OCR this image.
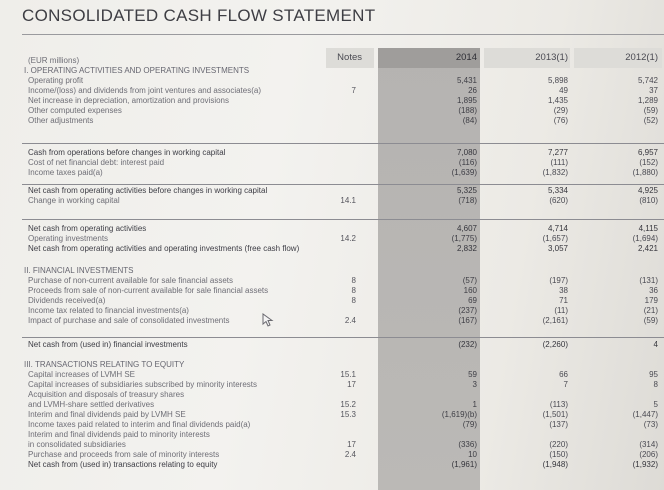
CONSOLIDATED CASH FLOW STATEMENT
Notes	2014	2013(1)	2012(1)
(EUR millions)
I. OPERATING ACTIVITIES AND OPERATING INVESTMENTS
Operating profit	5,431	5,898	5,742
Income/(loss) and dividends from joint ventures and associates(a)	7	26	49	37
Net increase in depreciation, amortization and provisions	1,895	1,435	1,289
Other computed expenses	(188)	(29)	(59)
Other adjustments	(84)	(76)	(52)
Cash from operations before changes in working capital	7,080	7,277	6,957
Cost of net financial debt: interest paid	(116)	(111)	(152)
Income taxes paid(a)	(1,639)	(1,832)	(1,880)
Net cash from operating activities before changes in working capital	5,325	5,334	4,925
Change in working capital	14.1	(718)	(620)	(810)
Net cash from operating activities	4,607	4,714	4,115
Operating investments	14.2	(1,775)	(1,657)	(1,694)
Net cash from operating activities and operating investments (free cash flow)	2,832	3,057	2,421
II. FINANCIAL INVESTMENTS
Purchase of non-current available for sale financial assets	8	(57)	(197)	(131)
Proceeds from sale of non-current available for sale financial assets	8	160	38	36
Dividends received(a)	8	69	71	179
Income tax related to financial investments(a)	(237)	(11)	(21)
Impact of purchase and sale of consolidated investments	2.4	(167)	(2,161)	(59)
Net cash from (used in) financial investments	(232)	(2,260)	4
III. TRANSACTIONS RELATING TO EQUITY
Capital increases of LVMH SE	15.1	59	66	95
Capital increases of subsidiaries subscribed by minority interests	17	3	7	8
Acquisition and disposals of treasury shares
and LVMH-share settled derivatives	15.2	1	(113)	5
Interim and final dividends paid by LVMH SE	15.3	(1,619)(b)	(1,501)	(1,447)
Income taxes paid related to interim and final dividends paid(a)	(79)	(137)	(73)
Interim and final dividends paid to minority interests
in consolidated subsidiaries	17	(336)	(220)	(314)
Purchase and proceeds from sale of minority interests	2.4	10	(150)	(206)
Net cash from (used in) transactions relating to equity	(1,961)	(1,948)	(1,932)
